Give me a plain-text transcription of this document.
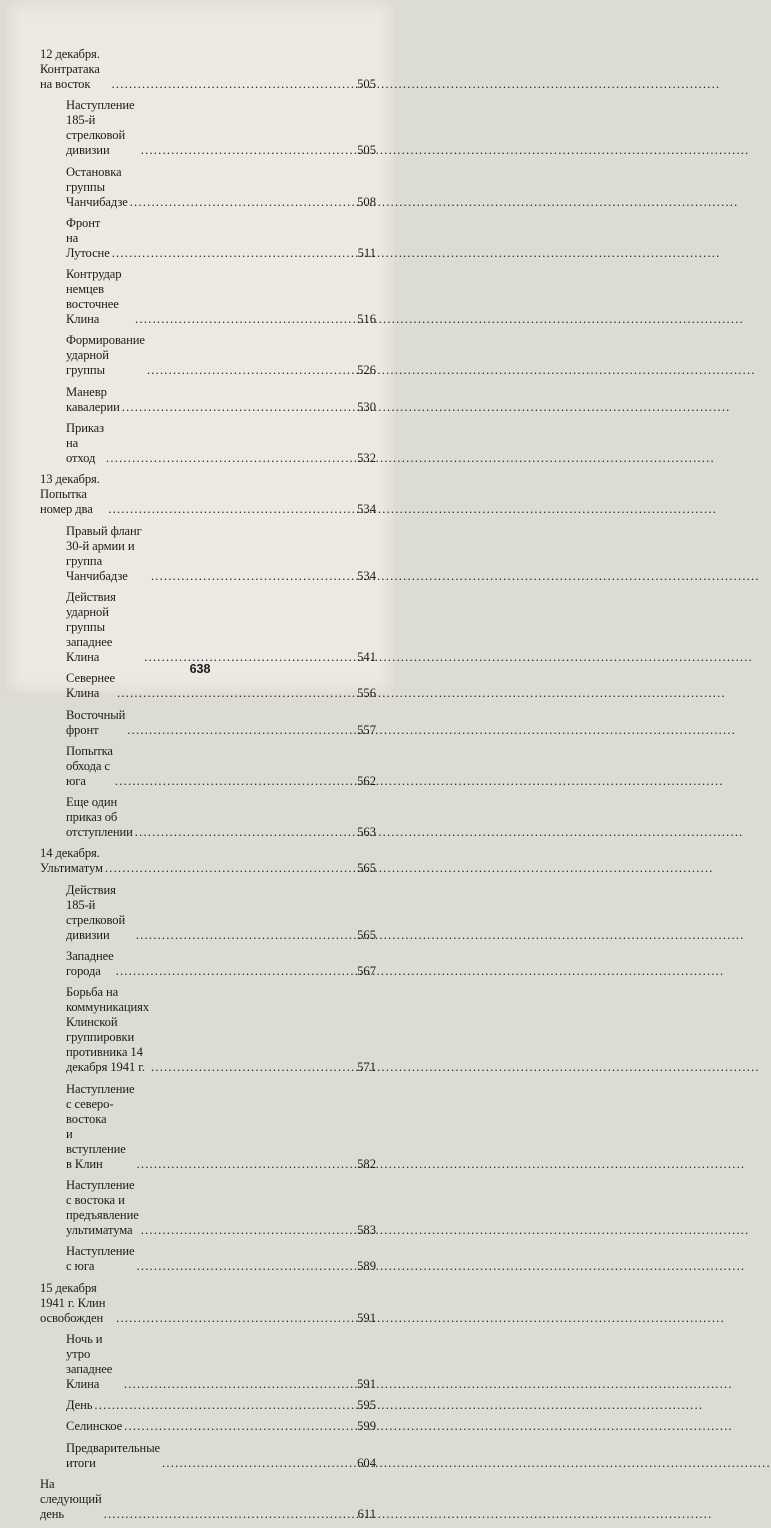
12 декабря. Контратака на восток .....	505
Наступление 185-й стрелковой дивизии .....	505
Остановка группы Чанчибадзе .....	508
Фронт на Лутосне .....	511
Контрудар немцев восточнее Клина .....	516
Формирование ударной группы .....	526
Маневр кавалерии .....	530
Приказ на отход .....	532
13 декабря. Попытка номер два .....	534
Правый фланг 30-й армии и группа Чанчибадзе .....	534
Действия ударной группы западнее Клина .....	541
Севернее Клина .....	556
Восточный фронт .....	557
Попытка обхода с юга .....	562
Еще один приказ об отступлении .....	563
14 декабря. Ультиматум .....	565
Действия 185-й стрелковой дивизии .....	565
Западнее города .....	567
Борьба на коммуникациях
Клинской группировки
противника 14 декабря 1941 г. .....	571
Наступление с северо-востока
и вступление в Клин .....	582
Наступление с востока и предъявление
ультиматума .....	583
Наступление с юга .....	589
15 декабря 1941 г. Клин освобожден .....	591
Ночь и утро западнее Клина .....	591
День .....	595
Селинское .....	599
Предварительные итоги .....	604
На следующий день .....	611
638
